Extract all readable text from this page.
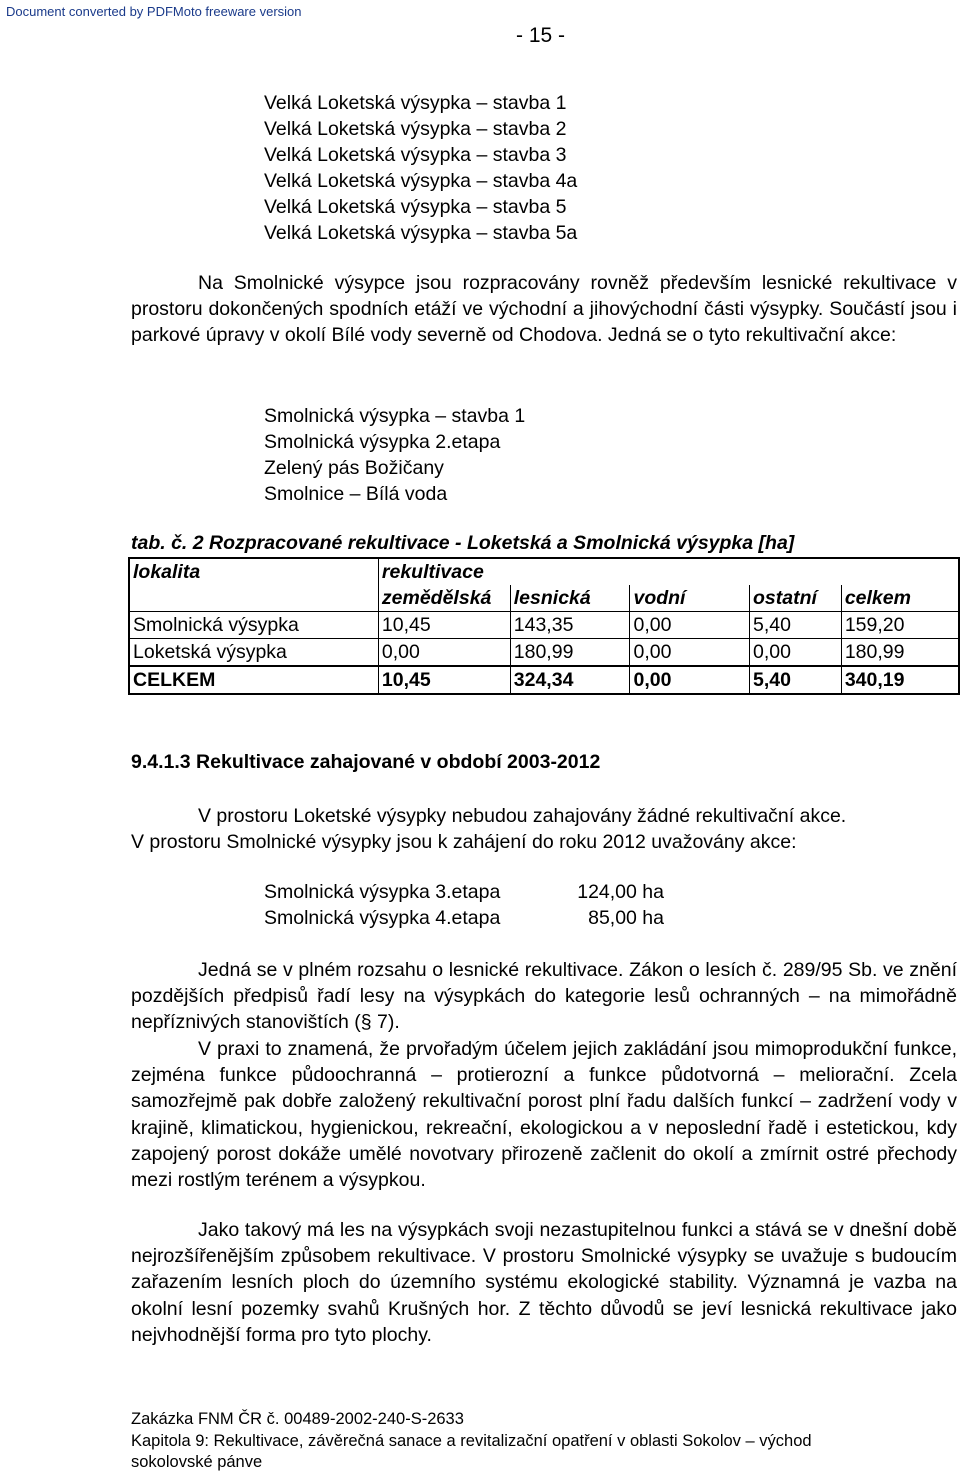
Document converted by PDFMoto freeware version
- 15 -
Velká Loketská výsypka – stavba 1
Velká Loketská výsypka – stavba 2
Velká Loketská výsypka – stavba 3
Velká Loketská výsypka – stavba 4a
Velká Loketská výsypka – stavba 5
Velká Loketská výsypka – stavba 5a
Na Smolnické výsypce jsou rozpracovány rovněž především lesnické rekultivace v prostoru dokončených spodních etáží ve východní a jihovýchodní části výsypky. Součástí jsou i parkové úpravy v okolí Bílé vody severně od Chodova. Jedná se o tyto rekultivační akce:
Smolnická výsypka – stavba 1
Smolnická výsypka 2.etapa
Zelený pás Božičany
Smolnice – Bílá voda
tab. č. 2 Rozpracované rekultivace - Loketská a Smolnická výsypka [ha]
lokalita	rekultivace				
	zemědělská	lesnická	vodní	ostatní	celkem
Smolnická výsypka	10,45	143,35	0,00	5,40	159,20
Loketská výsypka	0,00	180,99	0,00	0,00	180,99
CELKEM	10,45	324,34	0,00	5,40	340,19
9.4.1.3 Rekultivace zahajované v období 2003-2012
V prostoru Loketské výsypky nebudou zahajovány žádné rekultivační akce.
V prostoru Smolnické výsypky jsou k zahájení do roku 2012 uvažovány akce:
Smolnická výsypka 3.etapa	124,00 ha
Smolnická výsypka 4.etapa	85,00 ha
Jedná se v plném rozsahu o lesnické rekultivace. Zákon o lesích č. 289/95 Sb. ve znění pozdějších předpisů řadí lesy na výsypkách do kategorie lesů ochranných – na mimořádně nepříznivých stanovištích (§ 7).
V praxi to znamená, že prvořadým účelem jejich zakládání jsou mimoprodukční funkce, zejména funkce půdoochranná – protierozní a funkce půdotvorná – meliorační. Zcela samozřejmě pak dobře založený rekultivační porost plní řadu dalších funkcí – zadržení vody v krajině, klimatickou, hygienickou, rekreační, ekologickou a v neposlední řadě i estetickou, kdy zapojený porost dokáže umělé novotvary přirozeně začlenit do okolí a zmírnit ostré přechody mezi rostlým terénem a výsypkou.
Jako takový má les na výsypkách svoji nezastupitelnou funkci a stává se v dnešní době nejrozšířenějším způsobem rekultivace. V prostoru Smolnické výsypky se uvažuje s budoucím zařazením lesních ploch do územního systému ekologické stability. Významná je vazba na okolní lesní pozemky svahů Krušných hor. Z těchto důvodů se jeví lesnická rekultivace jako nejvhodnější forma pro tyto plochy.
Zakázka FNM ČR č. 00489-2002-240-S-2633
Kapitola 9: Rekultivace, závěrečná sanace a revitalizační opatření v oblasti Sokolov – východ
sokolovské pánve
